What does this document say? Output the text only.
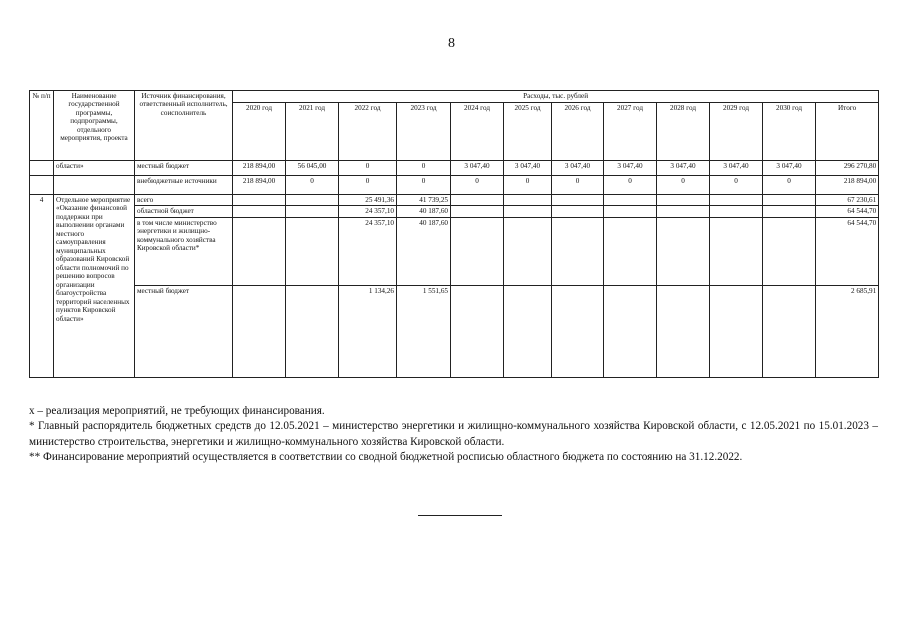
8
№ п/п	Наименование государственной программы, подпрограммы, отдельного мероприятия, проекта	Источник финансирования, ответственный исполнитель, соисполнитель	Расходы, тыс. рублей											
			2020 год	2021 год	2022 год	2023 год	2024 год	2025 год	2026 год	2027 год	2028 год	2029 год	2030 год	Итого
	области»	местный бюджет	218 894,00	56 045,00	0	0	3 047,40	3 047,40	3 047,40	3 047,40	3 047,40	3 047,40	3 047,40	296 270,80
		внебюджетные источники	218 894,00	0	0	0	0	0	0	0	0	0	0	218 894,00
4	Отдельное мероприятие «Оказание финансовой поддержки при выполнении органами местного самоуправления муниципальных образований Кировской области полномочий по решению вопросов организации благоустройства территорий населенных пунктов Кировской области»	всего			25 491,36	41 739,25								67 230,61
		областной бюджет			24 357,10	40 187,60								64 544,70
		в том числе министерство энергетики и жилищно-коммунального хозяйства Кировской области*			24 357,10	40 187,60								64 544,70
		местный бюджет			1 134,26	1 551,65								2 685,91

х – реализация мероприятий, не требующих финансирования.

* Главный распорядитель бюджетных средств до 12.05.2021 – министерство энергетики и жилищно-коммунального хозяйства Кировской области, с 12.05.2021 по 15.01.2023 – министерство строительства, энергетики и жилищно-коммунального хозяйства Кировской области.

** Финансирование мероприятий осуществляется в соответствии со сводной бюджетной росписью областного бюджета по состоянию на 31.12.2022.
